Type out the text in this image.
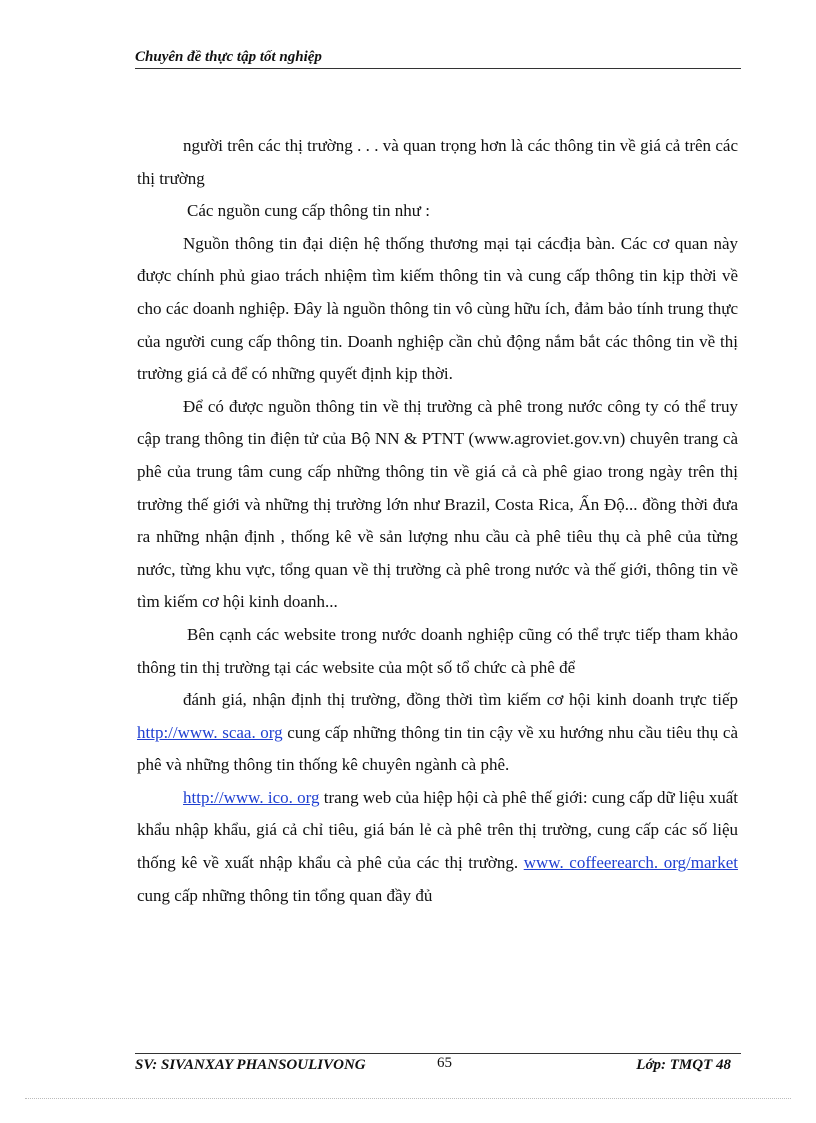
Chuyên đề thực tập tốt nghiệp

người trên các thị trường . . . và quan trọng hơn là các thông tin về giá cả trên các thị trường

Các nguồn cung cấp thông tin như :

Nguồn thông tin đại diện hệ thống thương mại tại cácđịa bàn. Các cơ quan này được chính phủ giao trách nhiệm tìm kiếm thông tin và cung cấp thông tin kịp thời về cho các doanh nghiệp. Đây là nguồn thông tin vô cùng hữu ích, đảm bảo tính trung thực của người cung cấp thông tin. Doanh nghiệp cần chủ động nắm bắt các thông tin về thị trường giá cả để có những quyết định kịp thời.

Để có được nguồn thông tin về thị trường cà phê trong nước công ty có thể truy cập trang thông tin điện tử của Bộ NN & PTNT (www.agroviet.gov.vn) chuyên trang cà phê của trung tâm cung cấp những thông tin về giá cả cà phê giao trong ngày trên thị trường thế giới và những thị trường lớn như Brazil, Costa Rica, Ấn Độ... đồng thời đưa ra những nhận định , thống kê về sản lượng nhu cầu cà phê tiêu thụ cà phê của từng nước, từng khu vực, tổng quan về thị trường cà phê trong nước và thế giới, thông tin về tìm kiếm cơ hội kinh doanh...

Bên cạnh các website trong nước doanh nghiệp cũng có thể trực tiếp tham khảo thông tin thị trường tại các website của một số tổ chức cà phê để

đánh giá, nhận định thị trường, đồng thời tìm kiếm cơ hội kinh doanh trực tiếp http://www. scaa. org cung cấp những thông tin tin cậy về xu hướng nhu cầu tiêu thụ cà phê và những thông tin thống kê chuyên ngành cà phê.

http://www. ico. org trang web của hiệp hội cà phê thế giới: cung cấp dữ liệu xuất khẩu nhập khẩu, giá cả chỉ tiêu, giá bán lẻ cà phê trên thị trường, cung cấp các số liệu thống kê về xuất nhập khẩu cà phê của các thị trường. www. coffeerearch. org/market cung cấp những thông tin tổng quan đầy đủ

SV: SIVANXAY PHANSOULIVONG	65	Lớp: TMQT 48
